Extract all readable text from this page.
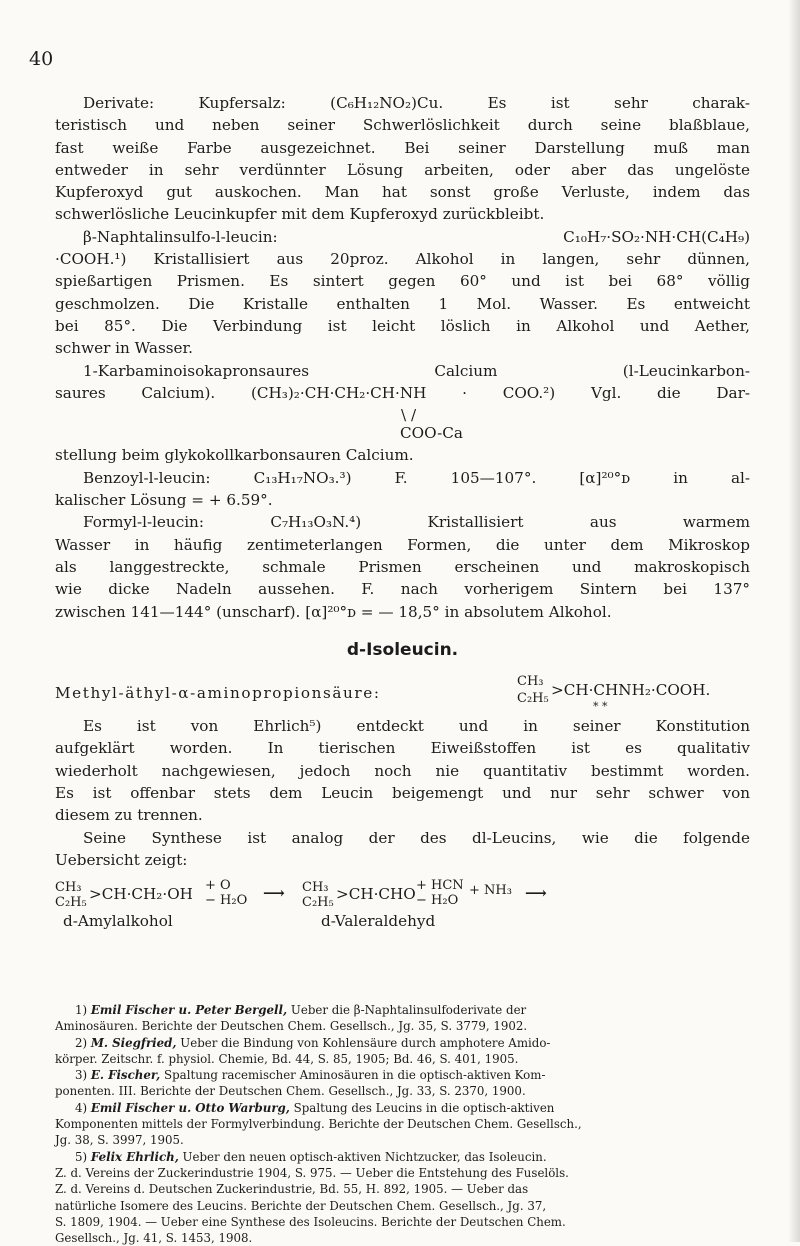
40
Derivate: Kupfersalz: (C₆H₁₂NO₂)Cu. Es ist sehr charak-
teristisch und neben seiner Schwerlöslichkeit durch seine blaßblaue,
fast weiße Farbe ausgezeichnet. Bei seiner Darstellung muß man
entweder in sehr verdünnter Lösung arbeiten, oder aber das ungelöste
Kupferoxyd gut auskochen. Man hat sonst große Verluste, indem das
schwerlösliche Leucinkupfer mit dem Kupferoxyd zurückbleibt.
β-Naphtalinsulfo-l-leucin: C₁₀H₇·SO₂·NH·CH(C₄H₉)
·COOH.¹) Kristallisiert aus 20proz. Alkohol in langen, sehr dünnen,
spießartigen Prismen. Es sintert gegen 60° und ist bei 68° völlig
geschmolzen. Die Kristalle enthalten 1 Mol. Wasser. Es entweicht
bei 85°. Die Verbindung ist leicht löslich in Alkohol und Aether,
schwer in Wasser.
1-Karbaminoisokapronsaures Calcium (l-Leucinkarbon-
saures Calcium). (CH₃)₂·CH·CH₂·CH·NH · COO.²) Vgl. die Dar-
\ /
COO-Ca
stellung beim glykokollkarbonsauren Calcium.
Benzoyl-l-leucin: C₁₃H₁₇NO₃.³) F. 105—107°. [α]²⁰°ᴅ in al-
kalischer Lösung = + 6.59°.
Formyl-l-leucin: C₇H₁₃O₃N.⁴) Kristallisiert aus warmem
Wasser in häufig zentimeterlangen Formen, die unter dem Mikroskop
als langgestreckte, schmale Prismen erscheinen und makroskopisch
wie dicke Nadeln aussehen. F. nach vorherigem Sintern bei 137°
zwischen 141—144° (unscharf). [α]²⁰°ᴅ = — 18,5° in absolutem Alkohol.
d-Isoleucin.
Methyl-äthyl-α-aminopropionsäure:
CH₃
C₂H₅ >CH·CHNH₂·COOH.
* *
Es ist von Ehrlich⁵) entdeckt und in seiner Konstitution
aufgeklärt worden. In tierischen Eiweißstoffen ist es qualitativ
wiederholt nachgewiesen, jedoch noch nie quantitativ bestimmt worden.
Es ist offenbar stets dem Leucin beigemengt und nur sehr schwer von
diesem zu trennen.
Seine Synthese ist analog der des dl-Leucins, wie die folgende
Uebersicht zeigt:
CH₃
C₂H₅ >CH·CH₂·OH + O
− H₂O ⟶ CH₃
C₂H₅ >CH·CHO + HCN
− H₂O
+ NH₃ ⟶
d-Amylalkohol	d-Valeraldehyd
1) Emil Fischer u. Peter Bergell, Ueber die β-Naphtalinsulfoderivate der
Aminosäuren. Berichte der Deutschen Chem. Gesellsch., Jg. 35, S. 3779, 1902.
2) M. Siegfried, Ueber die Bindung von Kohlensäure durch amphotere Amido-
körper. Zeitschr. f. physiol. Chemie, Bd. 44, S. 85, 1905; Bd. 46, S. 401, 1905.
3) E. Fischer, Spaltung racemischer Aminosäuren in die optisch-aktiven Kom-
ponenten. III. Berichte der Deutschen Chem. Gesellsch., Jg. 33, S. 2370, 1900.
4) Emil Fischer u. Otto Warburg, Spaltung des Leucins in die optisch-aktiven
Komponenten mittels der Formylverbindung. Berichte der Deutschen Chem. Gesellsch.,
Jg. 38, S. 3997, 1905.
5) Felix Ehrlich, Ueber den neuen optisch-aktiven Nichtzucker, das Isoleucin.
Z. d. Vereins der Zuckerindustrie 1904, S. 975. — Ueber die Entstehung des Fuselöls.
Z. d. Vereins d. Deutschen Zuckerindustrie, Bd. 55, H. 892, 1905. — Ueber das
natürliche Isomere des Leucins. Berichte der Deutschen Chem. Gesellsch., Jg. 37,
S. 1809, 1904. — Ueber eine Synthese des Isoleucins. Berichte der Deutschen Chem.
Gesellsch., Jg. 41, S. 1453, 1908.
